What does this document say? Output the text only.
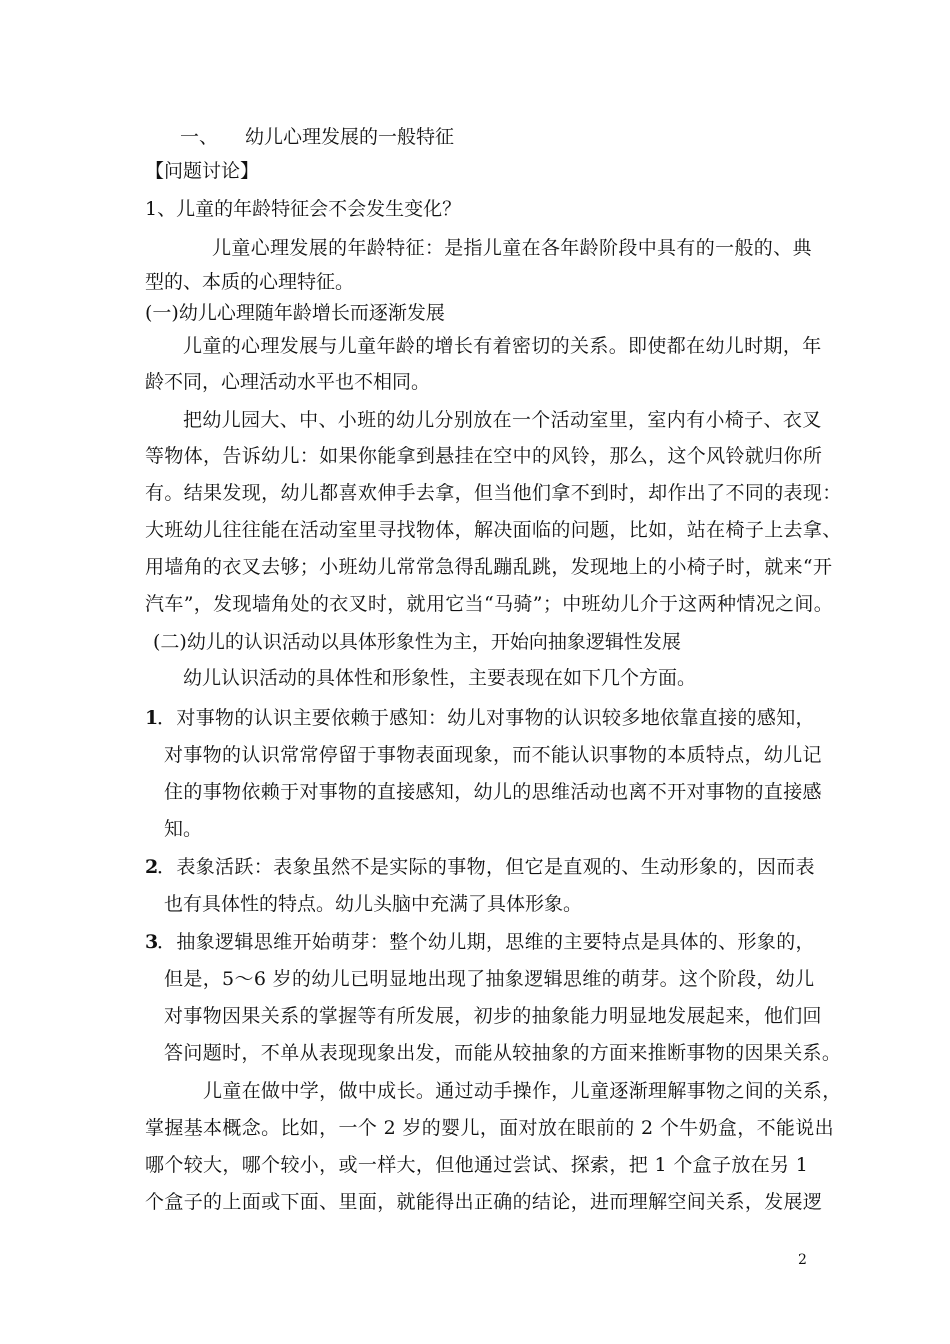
一、 幼儿心理发展的一般特征
【问题讨论】
1、儿童的年龄特征会不会发生变化？
儿童心理发展的年龄特征：是指儿童在各年龄阶段中具有的一般的、典
型的、本质的心理特征。
(一)幼儿心理随年龄增长而逐渐发展
儿童的心理发展与儿童年龄的增长有着密切的关系。即使都在幼儿时期，年
龄不同，心理活动水平也不相同。
把幼儿园大、中、小班的幼儿分别放在一个活动室里，室内有小椅子、衣叉
等物体，告诉幼儿：如果你能拿到悬挂在空中的风铃，那么，这个风铃就归你所
有。结果发现，幼儿都喜欢伸手去拿，但当他们拿不到时，却作出了不同的表现：
大班幼儿往往能在活动室里寻找物体，解决面临的问题，比如，站在椅子上去拿、
用墙角的衣叉去够；小班幼儿常常急得乱蹦乱跳，发现地上的小椅子时，就来“开
汽车”，发现墙角处的衣叉时，就用它当“马骑”；中班幼儿介于这两种情况之间。
(二)幼儿的认识活动以具体形象性为主，开始向抽象逻辑性发展
幼儿认识活动的具体性和形象性，主要表现在如下几个方面。
1
．对事物的认识主要依赖于感知：幼儿对事物的认识较多地依靠直接的感知，
对事物的认识常常停留于事物表面现象，而不能认识事物的本质特点，幼儿记
住的事物依赖于对事物的直接感知，幼儿的思维活动也离不开对事物的直接感
知。
2
．表象活跃：表象虽然不是实际的事物，但它是直观的、生动形象的，因而表
也有具体性的特点。幼儿头脑中充满了具体形象。
3
．抽象逻辑思维开始萌芽：整个幼儿期，思维的主要特点是具体的、形象的，
但是，5～6 岁的幼儿已明显地出现了抽象逻辑思维的萌芽。这个阶段，幼儿
对事物因果关系的掌握等有所发展，初步的抽象能力明显地发展起来，他们回
答问题时，不单从表现现象出发，而能从较抽象的方面来推断事物的因果关系。
儿童在做中学，做中成长。通过动手操作，儿童逐渐理解事物之间的关系，
掌握基本概念。比如，一个 2 岁的婴儿，面对放在眼前的 2 个牛奶盒，不能说出
哪个较大，哪个较小，或一样大，但他通过尝试、探索，把 1 个盒子放在另 1
个盒子的上面或下面、里面，就能得出正确的结论，进而理解空间关系，发展逻
2
